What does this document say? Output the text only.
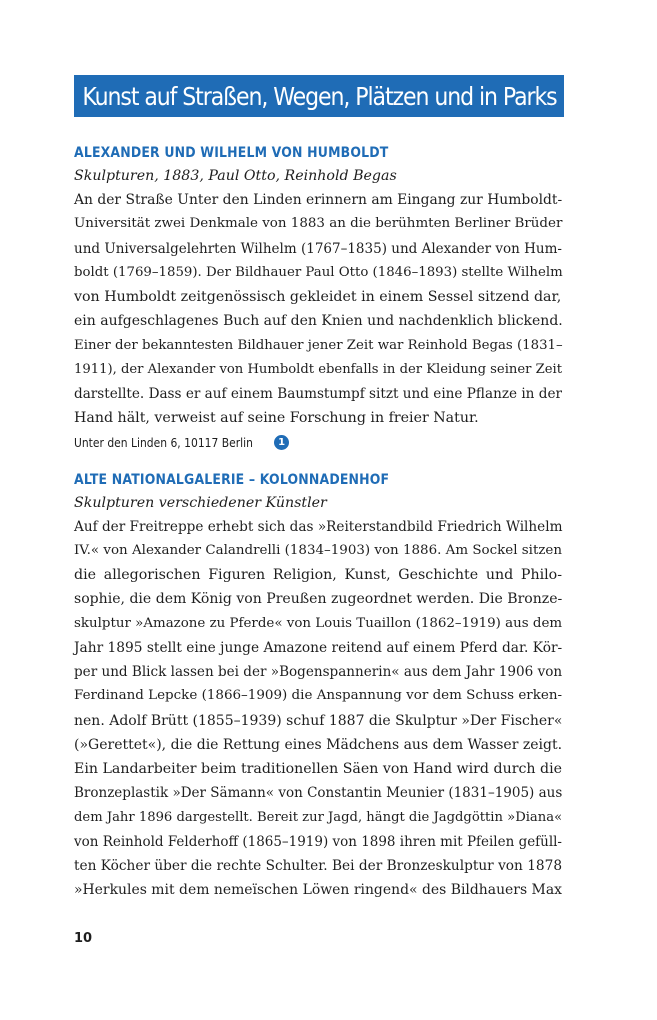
Kunst auf Straßen, Wegen, Plätzen und in Parks
ALEXANDER UND WILHELM VON HUMBOLDT
Skulpturen, 1883, Paul Otto, Reinhold Begas

An der Straße Unter den Linden erinnern am Eingang zur Humboldt-
Universität zwei Denkmale von 1883 an die berühmten Berliner Brüder
und Universalgelehrten Wilhelm (1767–1835) und Alexander von Hum-
boldt (1769–1859). Der Bildhauer Paul Otto (1846–1893) stellte Wilhelm
von Humboldt zeitgenössisch gekleidet in einem Sessel sitzend dar,
ein aufgeschlagenes Buch auf den Knien und nachdenklich blickend.
Einer der bekanntesten Bildhauer jener Zeit war Reinhold Begas (1831–
1911), der Alexander von Humboldt ebenfalls in der Kleidung seiner Zeit
darstellte. Dass er auf einem Baumstumpf sitzt und eine Pflanze in der
Hand hält, verweist auf seine Forschung in freier Natur.

Unter den Linden 6, 10117 Berlin	1
ALTE NATIONALGALERIE – KOLONNADENHOF
Skulpturen verschiedener Künstler

Auf der Freitreppe erhebt sich das »Reiterstandbild Friedrich Wilhelm
IV.« von Alexander Calandrelli (1834–1903) von 1886. Am Sockel sitzen
die allegorischen Figuren Religion, Kunst, Geschichte und Philo-
sophie, die dem König von Preußen zugeordnet werden. Die Bronze-
skulptur »Amazone zu Pferde« von Louis Tuaillon (1862–1919) aus dem
Jahr 1895 stellt eine junge Amazone reitend auf einem Pferd dar. Kör-
per und Blick lassen bei der »Bogenspannerin« aus dem Jahr 1906 von
Ferdinand Lepcke (1866–1909) die Anspannung vor dem Schuss erken-
nen. Adolf Brütt (1855–1939) schuf 1887 die Skulptur »Der Fischer«
(»Gerettet«), die die Rettung eines Mädchens aus dem Wasser zeigt.
Ein Landarbeiter beim traditionellen Säen von Hand wird durch die
Bronzeplastik »Der Sämann« von Constantin Meunier (1831–1905) aus
dem Jahr 1896 dargestellt. Bereit zur Jagd, hängt die Jagdgöttin »Diana«
von Reinhold Felderhoff (1865–1919) von 1898 ihren mit Pfeilen gefüll-
ten Köcher über die rechte Schulter. Bei der Bronzeskulptur von 1878
»Herkules mit dem nemeïschen Löwen ringend« des Bildhauers Max

10
